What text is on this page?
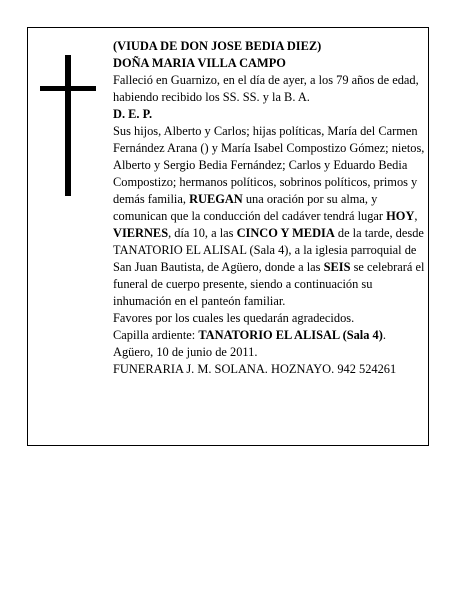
(VIUDA DE DON JOSE BEDIA DIEZ)

DOÑA MARIA VILLA CAMPO

Falleció en Guarnizo, en el día de ayer, a los 79 años de edad,

habiendo recibido los SS. SS. y la B. A.

D. E. P.

Sus hijos, Alberto y Carlos; hijas políticas, María del Carmen Fernández Arana () y María Isabel Compostizo Gómez; nietos, Alberto y Sergio Bedia Fernández; Carlos y Eduardo Bedia Compostizo; hermanos políticos, sobrinos políticos, primos y demás familia, RUEGAN una oración por su alma, y comunican que la conducción del cadáver tendrá lugar HOY, VIERNES, día 10, a las CINCO Y MEDIA de la tarde, desde TANATORIO EL ALISAL (Sala 4), a la iglesia parroquial de San Juan Bautista, de Agüero, donde a las SEIS se celebrará el funeral de cuerpo presente, siendo a continuación su inhumación en el panteón familiar.

Favores por los cuales les quedarán agradecidos.

Capilla ardiente: TANATORIO EL ALISAL (Sala 4).

Agüero, 10 de junio de 2011.

FUNERARIA J. M. SOLANA. HOZNAYO. 942 524261
